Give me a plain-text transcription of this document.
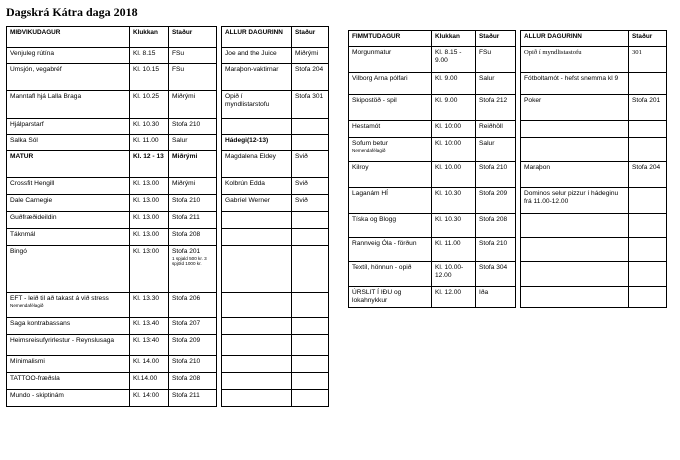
Dagskrá Kátra daga 2018
MIÐVIKUDAGUR	Klukkan	Staður		ALLUR DAGURINN	Staður
Venjuleg rútína	Kl. 8.15	FSu		Joe and the Juice	Miðrými
Umsjón, vegabréf	Kl. 10.15	FSu		Maraþon-vaktirnar	Stofa 204
Manntafl hjá Lalla Braga	Kl. 10.25	Miðrými		Opið í myndlistarstofu	Stofa 301
Hjálparstarf	Kl. 10.30	Stofa 210			
Salka Sól	Kl. 11.00	Salur		Hádegi(12-13)	
MATUR	Kl. 12 - 13	Miðrými		Magdalena Eldey	Svið
Crossfit Hengill	Kl. 13.00	Miðrými		Kolbrún Edda	Svið
Dale Carnegie	Kl. 13.00	Stofa 210		Gabríel Werner	Svið
Guðfræðideildin	Kl. 13.00	Stofa 211			
Táknmál	Kl. 13.00	Stofa 208			
Bingó	Kl. 13:00	Stofa 201
1 spjald 500 kr. 3 spjöld 1000 kr.			

EFT - leið til að takast á við stress
Nemendafélagið	Kl. 13.30	Stofa 206			
Saga kontrabassans	Kl. 13.40	Stofa 207			
Heimsreisufyrirlestur - Reynslusaga	Kl. 13:40	Stofa 209			
Mínimalismi	Kl. 14.00	Stofa 210			
TATTOO-fræðsla	Kl.14.00	Stofa 208			
Mundo - skiptinám	Kl. 14:00	Stofa 211			
FIMMTUDAGUR	Klukkan	Staður		ALLUR DAGURINN	Staður
Morgunmatur	Kl. 8.15 - 9.00	FSu		Opið í myndlistastofu	301
Vilborg Arna pólfari	Kl. 9.00	Salur		Fótboltamót - hefst snemma kl 9	
Skipostöð - spil	Kl. 9.00	Stofa 212		Poker	Stofa 201
Hestamót	Kl. 10:00	Reiðhöll			
Sofum betur
Nemendafélagið	Kl. 10:00	Salur			
Kilroy	Kl. 10.00	Stofa 210		Maraþon	Stofa 204
Laganám HÍ	Kl. 10.30	Stofa 209		Dominos selur pizzur í hádeginu frá 11.00-12.00	
Tíska og Blogg	Kl. 10.30	Stofa 208			
Rannveig Óla - förðun	Kl. 11.00	Stofa 210			
Textíl, hönnun - opið	Kl. 10.00-12.00	Stofa 304			
ÚRSLIT Í IÐU og lokahnykkur	Kl. 12.00	Iða			
